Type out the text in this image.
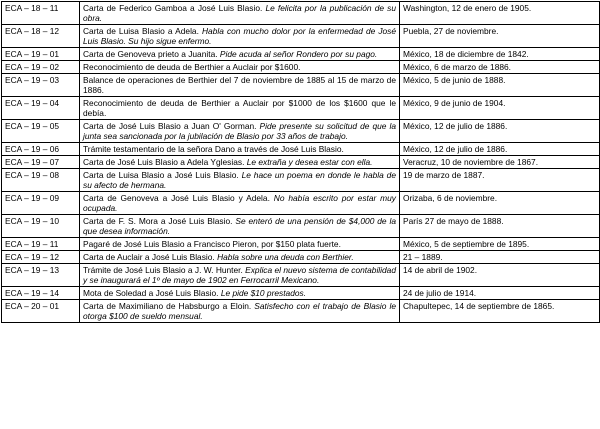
ECA – 18 – 11	Carta de Federico Gamboa a José Luis Blasio. Le felicita por la publicación de su obra.	Washington, 12 de enero de 1905.
ECA – 18 – 12	Carta de Luisa Blasio a Adela. Habla con mucho dolor por la enfermedad de José Luis Blasio. Su hijo sigue enfermo.	Puebla, 27 de noviembre.
ECA – 19 – 01	Carta de Genoveva prieto a Juanita. Pide acuda al señor Rondero por su pago.	México, 18 de diciembre de 1842.
ECA – 19 – 02	Reconocimiento de deuda de Berthier a Auclair por $1600.	México, 6 de marzo de 1886.
ECA – 19 – 03	Balance de operaciones de Berthier del 7 de noviembre de 1885 al 15 de marzo de 1886.	México, 5 de junio de 1888.
ECA – 19 – 04	Reconocimiento de deuda de Berthier a Auclair por $1000 de los $1600 que le debía.	México, 9 de junio de 1904.
ECA – 19 – 05	Carta de José Luis Blasio a Juan O' Gorman. Pide presente su solicitud de que la junta sea sancionada por la jubilación de Blasio por 33 años de trabajo.	México, 12 de julio de 1886.
ECA – 19 – 06	Trámite testamentario de la señora Dano a través de José Luis Blasio.	México, 12 de julio de 1886.
ECA – 19 – 07	Carta de José Luis Blasio a Adela Yglesias. Le extraña y desea estar con ella.	Veracruz, 10 de noviembre de 1867.
ECA – 19 – 08	Carta de Luisa Blasio a José Luis Blasio. Le hace un poema en donde le habla de su afecto de hermana.	19 de marzo de 1887.
ECA – 19 – 09	Carta de Genoveva a José Luis Blasio y Adela. No había escrito por estar muy ocupada.	Orizaba, 6 de noviembre.
ECA – 19 – 10	Carta de F. S. Mora a José Luis Blasio. Se enteró de una pensión de $4,000 de la que desea información.	París 27 de mayo de 1888.
ECA – 19 – 11	Pagaré de José Luis Blasio a Francisco Pieron, por $150 plata fuerte.	México, 5 de septiembre de 1895.
ECA – 19 – 12	Carta de Auclair a José Luis Blasio. Habla sobre una deuda con Berthier.	21 – 1889.
ECA – 19 – 13	Trámite de José Luis Blasio a J. W. Hunter. Explica el nuevo sistema de contabilidad y se inaugurará el 1º de mayo de 1902 en Ferrocarril Mexicano.	14 de abril de 1902.
ECA – 19 – 14	Mota de Soledad a José Luis Blasio. Le pide $10 prestados.	24 de julio de 1914.
ECA – 20 – 01	Carta de Maximiliano de Habsburgo a Eloin. Satisfecho con el trabajo de Blasio le otorga $100 de sueldo mensual.	Chapultepec, 14 de septiembre de 1865.
